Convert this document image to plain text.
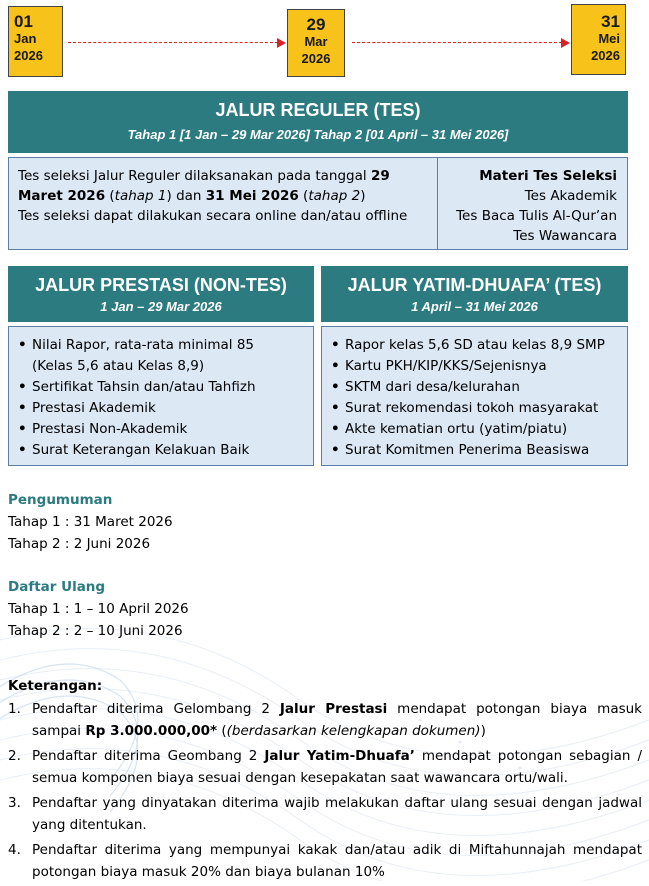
01
Jan
2026
29
Mar
2026
31
Mei
2026
JALUR REGULER (TES)
Tahap 1 [1 Jan – 29 Mar 2026] Tahap 2 [01 April – 31 Mei 2026]

Tes seleksi Jalur Reguler dilaksanakan pada tanggal 29 Maret 2026 (tahap 1) dan 31 Mei 2026 (tahap 2)

Tes seleksi dapat dilakukan secara online dan/atau offline

Materi Tes Seleksi

Tes Akademik

Tes Baca Tulis Al-Qur’an

Tes Wawancara

JALUR PRESTASI (NON-TES)
1 Jan – 29 Mar 2026
• Nilai Rapor, rata-rata minimal 85
(Kelas 5,6 atau Kelas 8,9)
• Sertifikat Tahsin dan/atau Tahfizh
• Prestasi Akademik
• Prestasi Non-Akademik
• Surat Keterangan Kelakuan Baik
JALUR YATIM-DHUAFA’ (TES)
1 April – 31 Mei 2026
• Rapor kelas 5,6 SD atau kelas 8,9 SMP
• Kartu PKH/KIP/KKS/Sejenisnya
• SKTM dari desa/kelurahan
• Surat rekomendasi tokoh masyarakat
• Akte kematian ortu (yatim/piatu)
• Surat Komitmen Penerima Beasiswa
Pengumuman
Tahap 1 : 31 Maret 2026
Tahap 2 : 2 Juni 2026
Daftar Ulang
Tahap 1 : 1 – 10 April 2026
Tahap 2 : 2 – 10 Juni 2026
Keterangan:
1. Pendaftar diterima Gelombang 2 Jalur Prestasi mendapat potongan biaya masuk sampai Rp 3.000.000,00* ((berdasarkan kelengkapan dokumen))
2. Pendaftar diterima Geombang 2 Jalur Yatim-Dhuafa’ mendapat potongan sebagian / semua komponen biaya sesuai dengan kesepakatan saat wawancara ortu/wali.
3. Pendaftar yang dinyatakan diterima wajib melakukan daftar ulang sesuai dengan jadwal yang ditentukan.
4. Pendaftar diterima yang mempunyai kakak dan/atau adik di Miftahunnajah mendapat potongan biaya masuk 20% dan biaya bulanan 10%
